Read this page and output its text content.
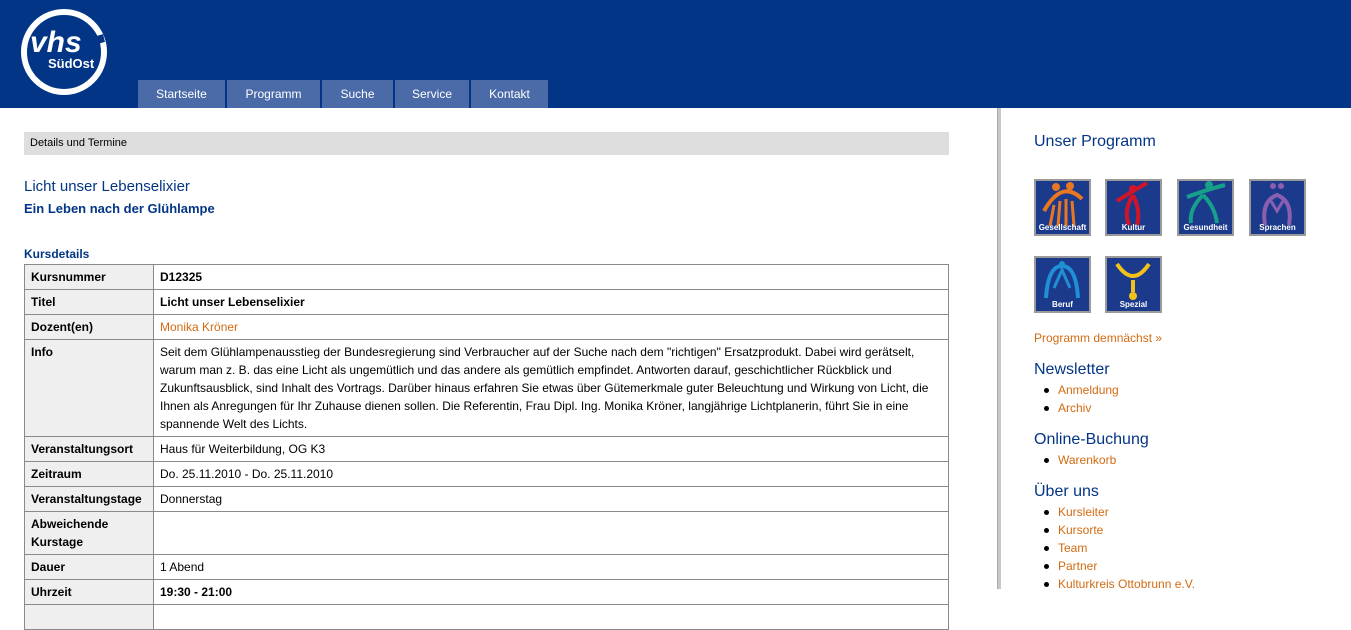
vhs
SüdOst
Startseite	Programm	Suche	Service	Kontakt
Details und Termine
Licht unser Lebenselixier
Ein Leben nach der Glühlampe
Kursdetails
Kursnummer	D12325
Titel	Licht unser Lebenselixier
Dozent(en)	Monika Kröner
Info	Seit dem Glühlampenausstieg der Bundesregierung sind Verbraucher auf der Suche nach dem "richtigen" Ersatzprodukt. Dabei wird gerätselt, warum man z. B. das eine Licht als ungemütlich und das andere als gemütlich empfindet. Antworten darauf, geschichtlicher Rückblick und Zukunftsausblick, sind Inhalt des Vortrags. Darüber hinaus erfahren Sie etwas über Gütemerkmale guter Beleuchtung und Wirkung von Licht, die Ihnen als Anregungen für Ihr Zuhause dienen sollen. Die Referentin, Frau Dipl. Ing. Monika Kröner, langjährige Lichtplanerin, führt Sie in eine spannende Welt des Lichts.
Veranstaltungsort	Haus für Weiterbildung, OG K3
Zeitraum	Do. 25.11.2010 - Do. 25.11.2010
Veranstaltungstage	Donnerstag
Abweichende Kurstage	
Dauer	1 Abend
Uhrzeit	19:30 - 21:00

Unser Programm
Gesellschaft	Kultur	Gesundheit	Sprachen
Beruf	Spezial
Programm demnächst »
Newsletter
Anmeldung
Archiv
Online-Buchung
Warenkorb
Über uns
Kursleiter
Kursorte
Team
Partner
Kulturkreis Ottobrunn e.V.
